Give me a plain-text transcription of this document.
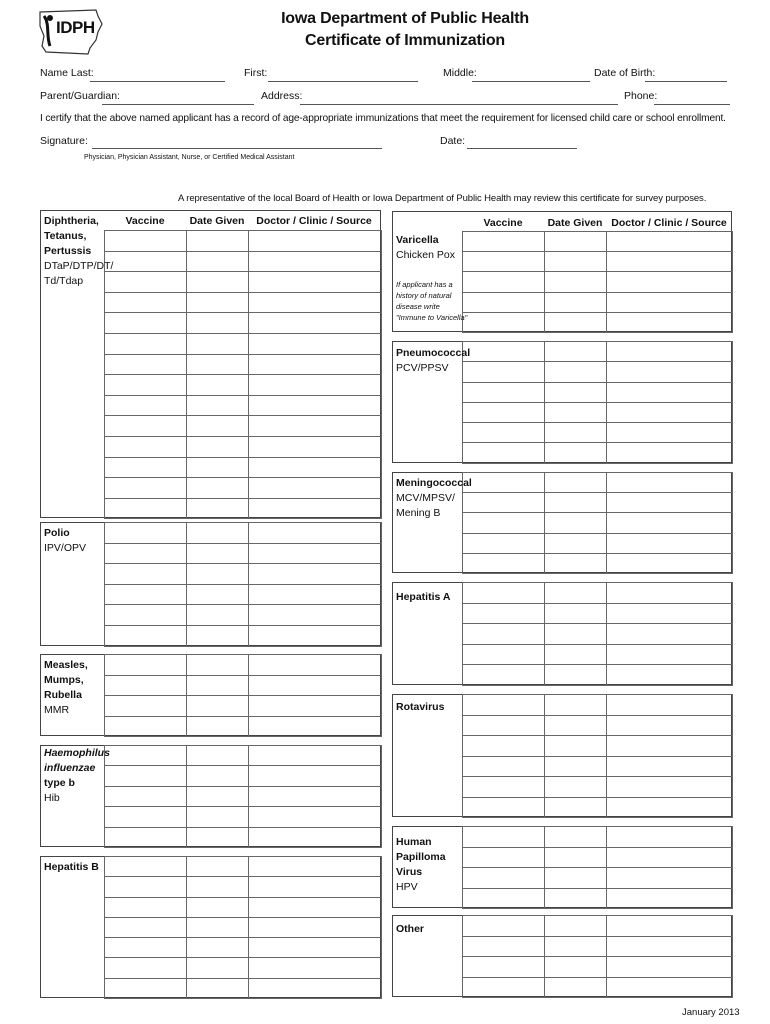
IDPH	Iowa Department of Public Health
Certificate of Immunization
Name Last:	First:	Middle:	Date of Birth:
Parent/Guardian:	Address:	Phone:
I certify that the above named applicant has a record of age-appropriate immunizations that meet the requirement for licensed child care or school enrollment.
Signature:	Date:
Physician, Physician Assistant, Nurse, or Certified Medical Assistant
A representative of the local Board of Health or Iowa Department of Public Health may review this certificate for survey purposes.
Vaccine	Date Given	Doctor / Clinic / Source

Diphtheria,
Tetanus,
Pertussis
DTaP/DTP/DT/
Td/Tdap

Polio
IPV/OPV

Measles,
Mumps,
Rubella
MMR

Haemophilus
influenzae
type b
Hib

Hepatitis B
Vaccine	Date Given Doctor / Clinic / Source

Varicella
Chicken Pox
If applicant has a
history of natural
disease write
"Immune to Varicella"

Pneumococcal
PCV/PPSV

Meningococcal
MCV/MPSV/
Mening B

Hepatitis A

Rotavirus

Human
Papilloma
Virus
HPV

Other
January 2013
